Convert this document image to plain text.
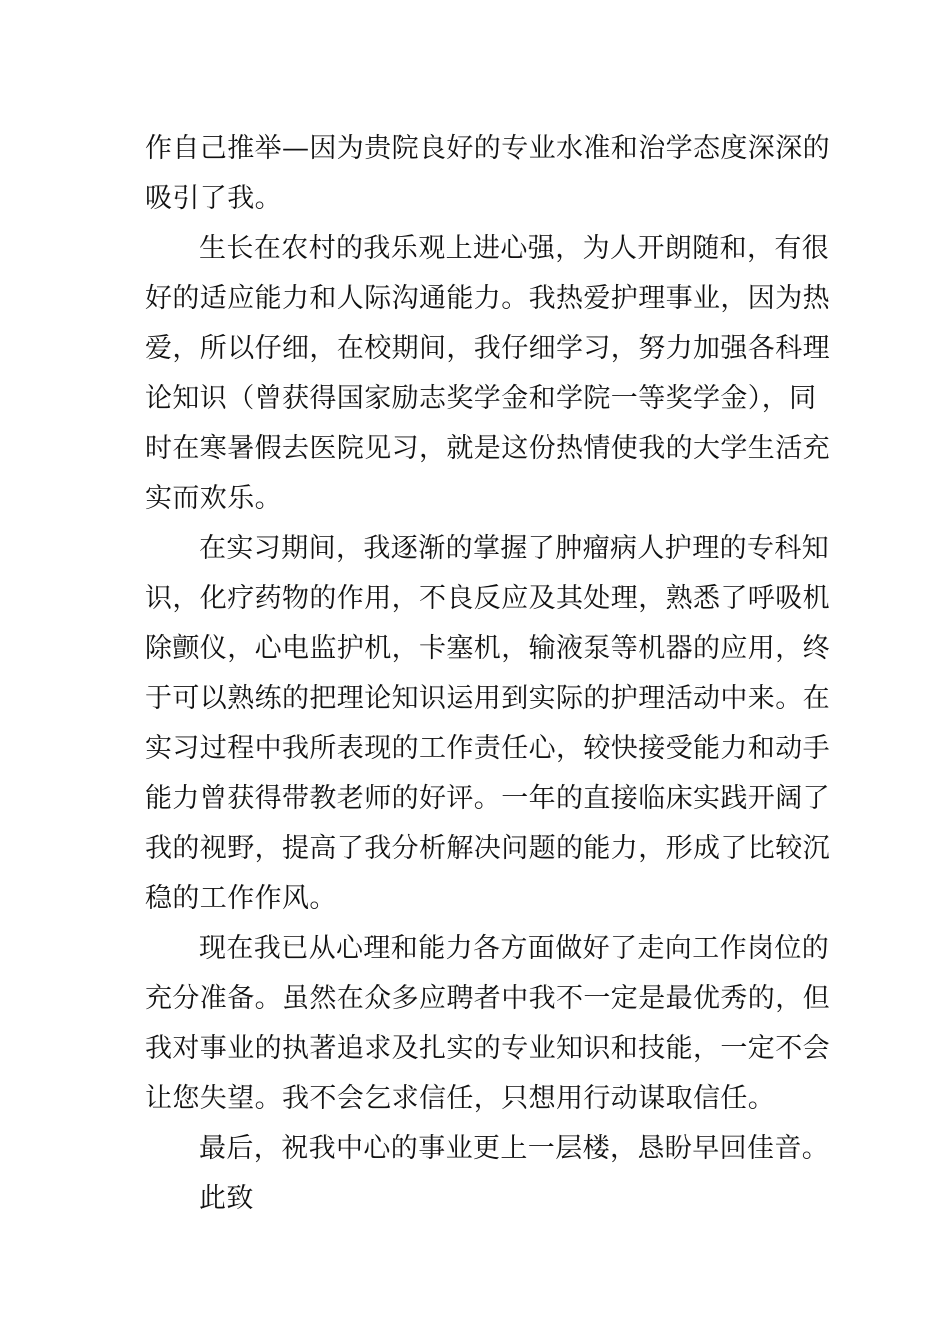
作自己推举—因为贵院良好的专业水准和治学态度深深的
吸引了我。
生长在农村的我乐观上进心强，为人开朗随和，有很
好的适应能力和人际沟通能力。我热爱护理事业，因为热
爱，所以仔细，在校期间，我仔细学习，努力加强各科理
论知识（曾获得国家励志奖学金和学院一等奖学金），同
时在寒暑假去医院见习，就是这份热情使我的大学生活充
实而欢乐。
在实习期间，我逐渐的掌握了肿瘤病人护理的专科知
识，化疗药物的作用，不良反应及其处理，熟悉了呼吸机
除颤仪，心电监护机，卡塞机，输液泵等机器的应用，终
于可以熟练的把理论知识运用到实际的护理活动中来。在
实习过程中我所表现的工作责任心，较快接受能力和动手
能力曾获得带教老师的好评。一年的直接临床实践开阔了
我的视野，提高了我分析解决问题的能力，形成了比较沉
稳的工作作风。
现在我已从心理和能力各方面做好了走向工作岗位的
充分准备。虽然在众多应聘者中我不一定是最优秀的，但
我对事业的执著追求及扎实的专业知识和技能，一定不会
让您失望。我不会乞求信任，只想用行动谋取信任。
最后，祝我中心的事业更上一层楼，恳盼早回佳音。
此致
